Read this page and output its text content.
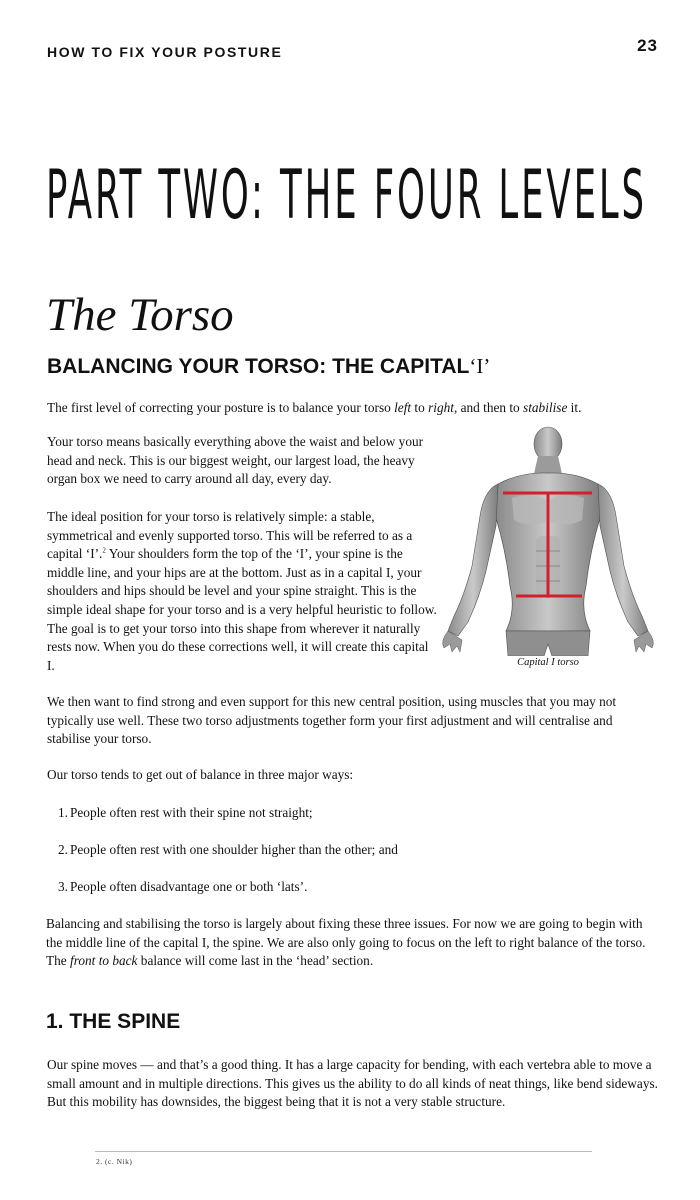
HOW TO FIX YOUR POSTURE	23
PART TWO: THE FOUR LEVELS
The Torso
BALANCING YOUR TORSO: THE CAPITAL‘I’
The first level of correcting your posture is to balance your torso left to right, and then to stabilise it.
Your torso means basically everything above the waist and below your head and neck. This is our biggest weight, our largest load, the heavy organ box we need to carry around all day, every day.
The ideal position for your torso is relatively simple: a stable, symmetrical and evenly supported torso. This will be referred to as a capital ‘I’.$^2$ Your shoulders form the top of the ‘I’, your spine is the middle line, and your hips are at the bottom. Just as in a capital I, your shoulders and hips should be level and your spine straight. This is the simple ideal shape for your torso and is a very helpful heuristic to follow. The goal is to get your torso into this shape from wherever it naturally rests now. When you do these corrections well, it will create this capital I.	Capital I torso
We then want to find strong and even support for this new central position, using muscles that you may not typically use well. These two torso adjustments together form your first adjustment and will centralise and stabilise your torso.
Our torso tends to get out of balance in three major ways:
1. People often rest with their spine not straight;
2. People often rest with one shoulder higher than the other; and
3. People often disadvantage one or both ‘lats’.
Balancing and stabilising the torso is largely about fixing these three issues. For now we are going to begin with the middle line of the capital I, the spine. We are also only going to focus on the left to right balance of the torso. The front to back balance will come last in the ‘head’ section.
1. THE SPINE
Our spine moves — and that’s a good thing. It has a large capacity for bending, with each vertebra able to move a small amount and in multiple directions. This gives us the ability to do all kinds of neat things, like bend sideways. But this mobility has downsides, the biggest being that it is not a very stable structure.
2. (c. Nik)
